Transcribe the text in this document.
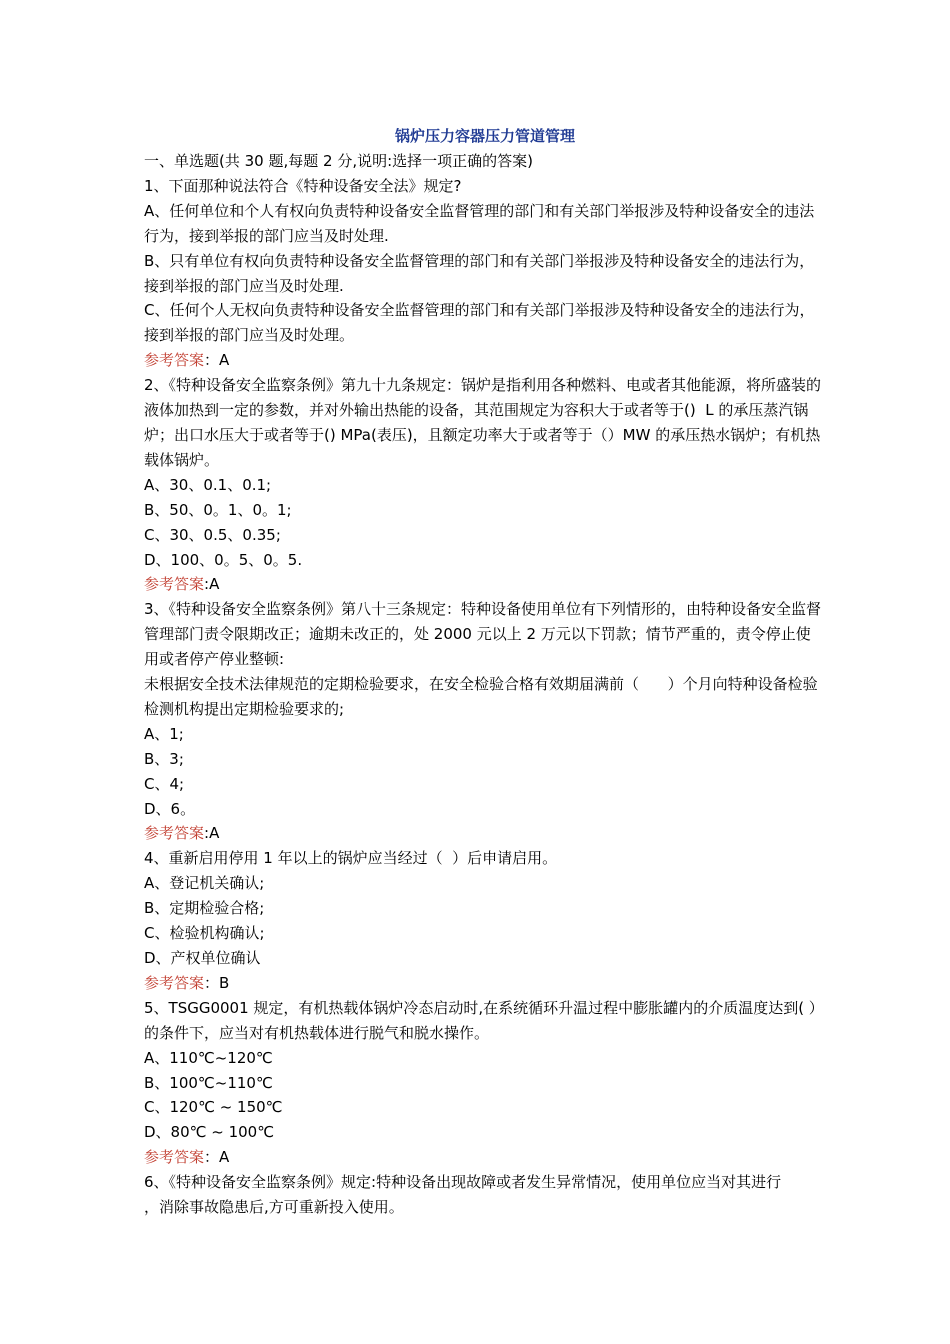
锅炉压力容器压力管道管理

一、单选题(共 30 题,每题 2 分,说明:选择一项正确的答案)

1、下面那种说法符合《特种设备安全法》规定?

A、任何单位和个人有权向负责特种设备安全监督管理的部门和有关部门举报涉及特种设备安全的违法行为，接到举报的部门应当及时处理.

B、只有单位有权向负责特种设备安全监督管理的部门和有关部门举报涉及特种设备安全的违法行为，接到举报的部门应当及时处理.

C、任何个人无权向负责特种设备安全监督管理的部门和有关部门举报涉及特种设备安全的违法行为，接到举报的部门应当及时处理。

参考答案：A

2、《特种设备安全监察条例》第九十九条规定：锅炉是指利用各种燃料、电或者其他能源，将所盛装的液体加热到一定的参数，并对外输出热能的设备，其范围规定为容积大于或者等于()  L 的承压蒸汽锅炉；出口水压大于或者等于() MPa(表压)，且额定功率大于或者等于（）MW 的承压热水锅炉；有机热载体锅炉。

A、30、0.1、0.1;

B、50、0。1、0。1;

C、30、0.5、0.35;

D、100、0。5、0。5.

参考答案:A

3、《特种设备安全监察条例》第八十三条规定：特种设备使用单位有下列情形的，由特种设备安全监督管理部门责令限期改正；逾期未改正的，处 2000 元以上 2 万元以下罚款；情节严重的，责令停止使用或者停产停业整顿:

未根据安全技术法律规范的定期检验要求，在安全检验合格有效期届满前（      ）个月向特种设备检验检测机构提出定期检验要求的;

A、1;

B、3;

C、4;

D、6。

参考答案:A

4、重新启用停用 1 年以上的锅炉应当经过（  ）后申请启用。

A、登记机关确认;

B、定期检验合格;

C、检验机构确认;

D、产权单位确认

参考答案：B

5、TSGG0001 规定，有机热载体锅炉冷态启动时,在系统循环升温过程中膨胀罐内的介质温度达到( ）的条件下，应当对有机热载体进行脱气和脱水操作。

A、110℃~120℃

B、100℃~110℃

C、120℃ ~ 150℃

D、80℃ ~ 100℃

参考答案：A

6、《特种设备安全监察条例》规定:特种设备出现故障或者发生异常情况，使用单位应当对其进行，消除事故隐患后,方可重新投入使用。
